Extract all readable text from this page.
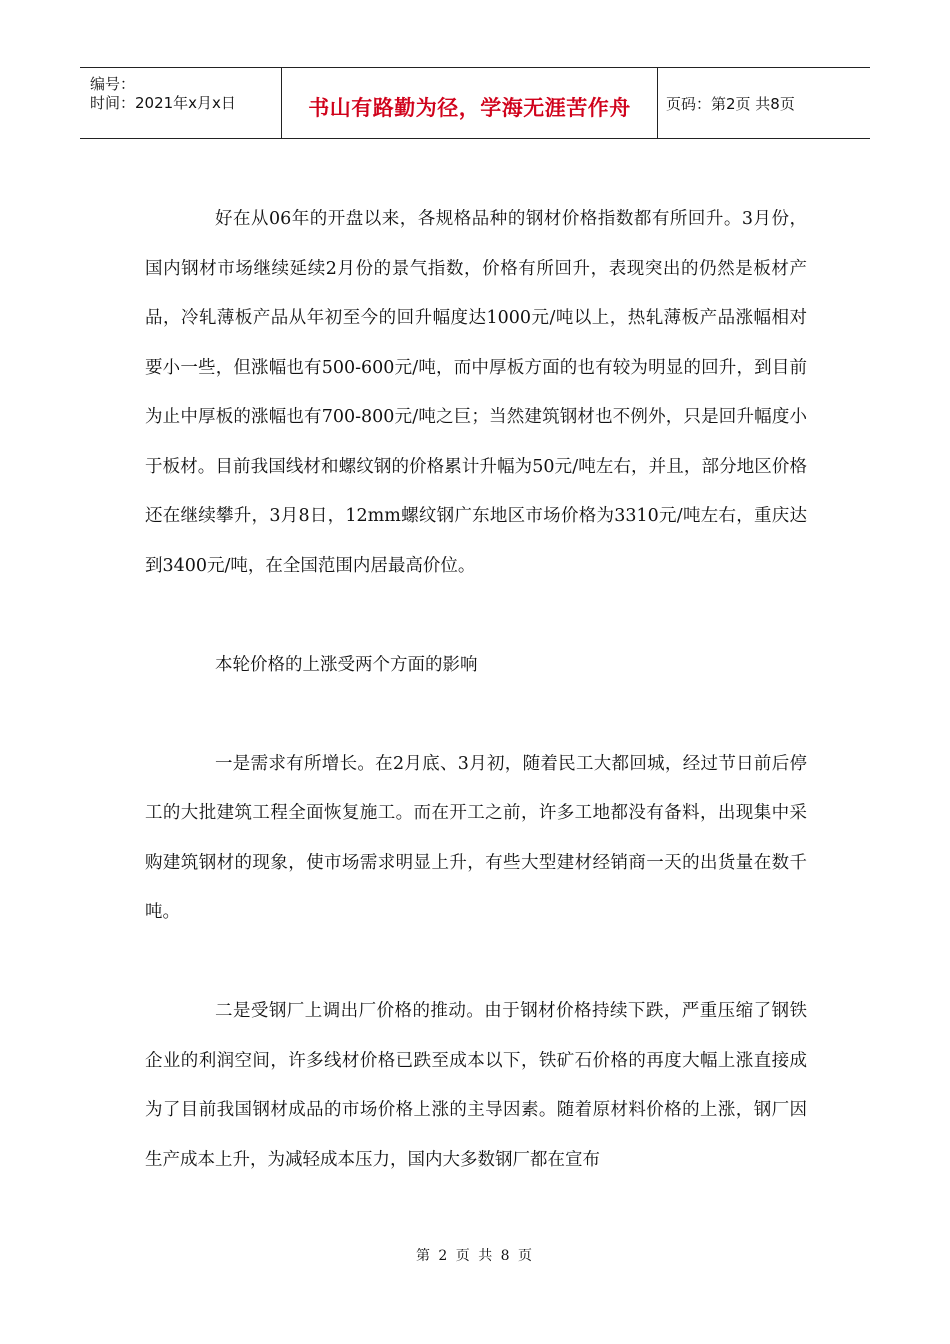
编号：
时间：2021年x月x日	书山有路勤为径，学海无涯苦作舟	页码：第2页 共8页

好在从06年的开盘以来，各规格品种的钢材价格指数都有所回升。3月份，国内钢材市场继续延续2月份的景气指数，价格有所回升，表现突出的仍然是板材产品，冷轧薄板产品从年初至今的回升幅度达1000元/吨以上，热轧薄板产品涨幅相对要小一些，但涨幅也有500-600元/吨，而中厚板方面的也有较为明显的回升，到目前为止中厚板的涨幅也有700-800元/吨之巨；当然建筑钢材也不例外，只是回升幅度小于板材。目前我国线材和螺纹钢的价格累计升幅为50元/吨左右，并且，部分地区价格还在继续攀升，3月8日，12mm螺纹钢广东地区市场价格为3310元/吨左右，重庆达到3400元/吨，在全国范围内居最高价位。

本轮价格的上涨受两个方面的影响

一是需求有所增长。在2月底、3月初，随着民工大都回城，经过节日前后停工的大批建筑工程全面恢复施工。而在开工之前，许多工地都没有备料，出现集中采购建筑钢材的现象，使市场需求明显上升，有些大型建材经销商一天的出货量在数千吨。

二是受钢厂上调出厂价格的推动。由于钢材价格持续下跌，严重压缩了钢铁企业的利润空间，许多线材价格已跌至成本以下，铁矿石价格的再度大幅上涨直接成为了目前我国钢材成品的市场价格上涨的主导因素。随着原材料价格的上涨，钢厂因生产成本上升，为减轻成本压力，国内大多数钢厂都在宣布

第 2 页 共 8 页
